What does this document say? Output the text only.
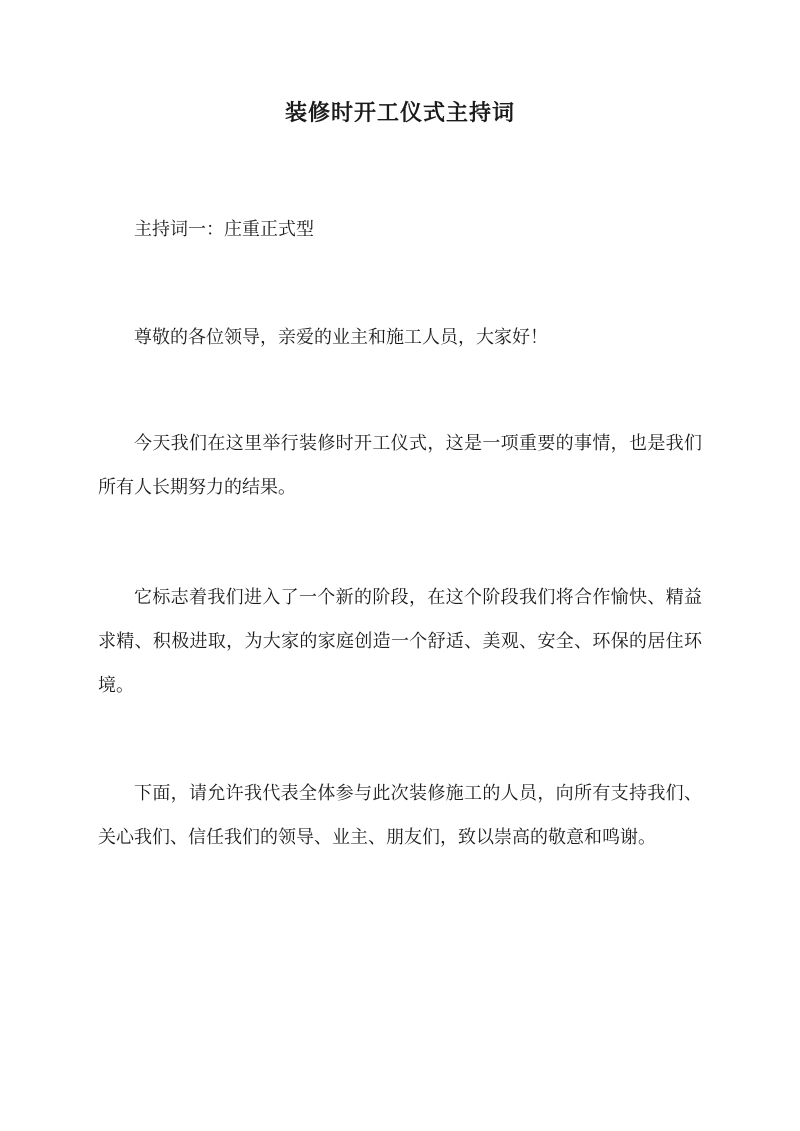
装修时开工仪式主持词

主持词一：庄重正式型

尊敬的各位领导，亲爱的业主和施工人员，大家好！

今天我们在这里举行装修时开工仪式，这是一项重要的事情，也是我们所有人长期努力的结果。

它标志着我们进入了一个新的阶段，在这个阶段我们将合作愉快、精益求精、积极进取，为大家的家庭创造一个舒适、美观、安全、环保的居住环境。

下面，请允许我代表全体参与此次装修施工的人员，向所有支持我们、关心我们、信任我们的领导、业主、朋友们，致以崇高的敬意和鸣谢。
